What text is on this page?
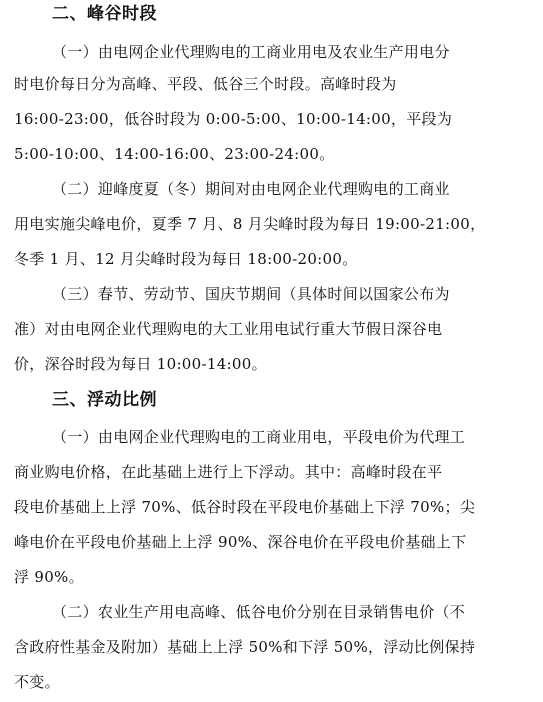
二、峰谷时段
（一）由电网企业代理购电的工商业用电及农业生产用电分
时电价每日分为高峰、平段、低谷三个时段。高峰时段为
16:00-23:00，低谷时段为 0:00-5:00、10:00-14:00，平段为
5:00-10:00、14:00-16:00、23:00-24:00。
（二）迎峰度夏（冬）期间对由电网企业代理购电的工商业
用电实施尖峰电价，夏季 7 月、8 月尖峰时段为每日 19:00-21:00，
冬季 1 月、12 月尖峰时段为每日 18:00-20:00。
（三）春节、劳动节、国庆节期间（具体时间以国家公布为
准）对由电网企业代理购电的大工业用电试行重大节假日深谷电
价，深谷时段为每日 10:00-14:00。
三、浮动比例
（一）由电网企业代理购电的工商业用电，平段电价为代理工
商业购电价格，在此基础上进行上下浮动。其中：高峰时段在平
段电价基础上上浮 70%、低谷时段在平段电价基础上下浮 70%；尖
峰电价在平段电价基础上上浮 90%、深谷电价在平段电价基础上下
浮 90%。
（二）农业生产用电高峰、低谷电价分别在目录销售电价（不
含政府性基金及附加）基础上上浮 50%和下浮 50%，浮动比例保持
不变。
